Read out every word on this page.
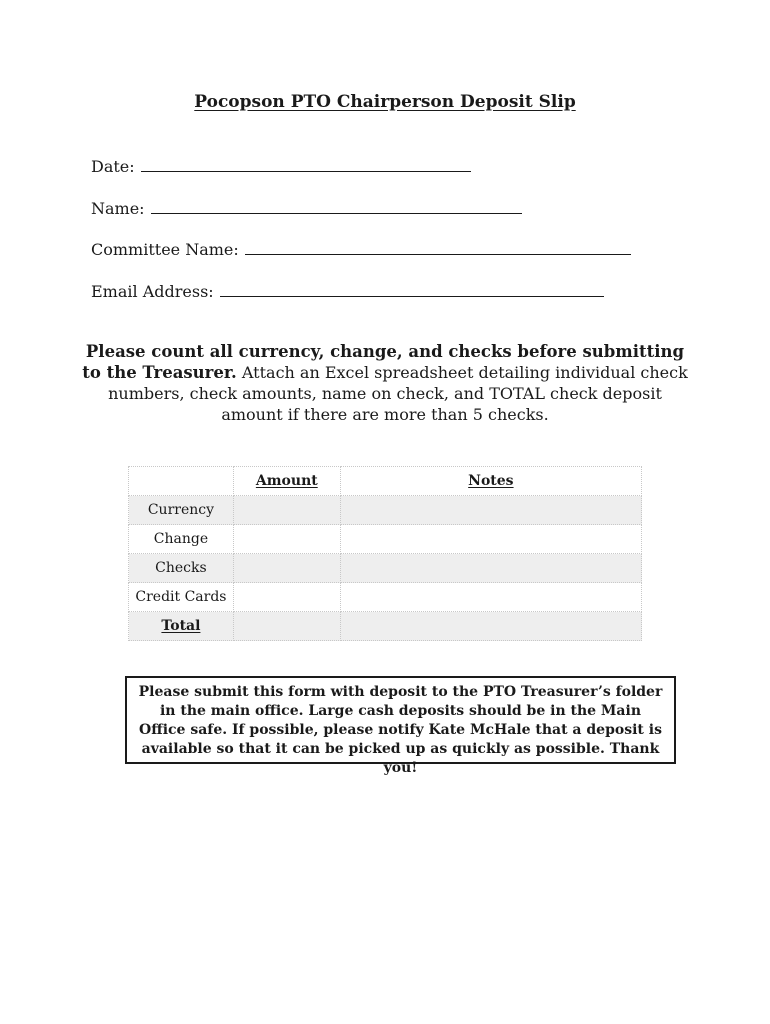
Pocopson PTO Chairperson Deposit Slip
Date:
Name:
Committee Name:
Email Address:
Please count all currency, change, and checks before submitting to the Treasurer. Attach an Excel spreadsheet detailing individual check numbers, check amounts, name on check, and TOTAL check deposit amount if there are more than 5 checks.
	Amount	Notes
Currency		
Change		
Checks		
Credit Cards		
Total		
Please submit this form with deposit to the PTO Treasurer’s folder in the main office. Large cash deposits should be in the Main Office safe. If possible, please notify Kate McHale that a deposit is available so that it can be picked up as quickly as possible. Thank you!
